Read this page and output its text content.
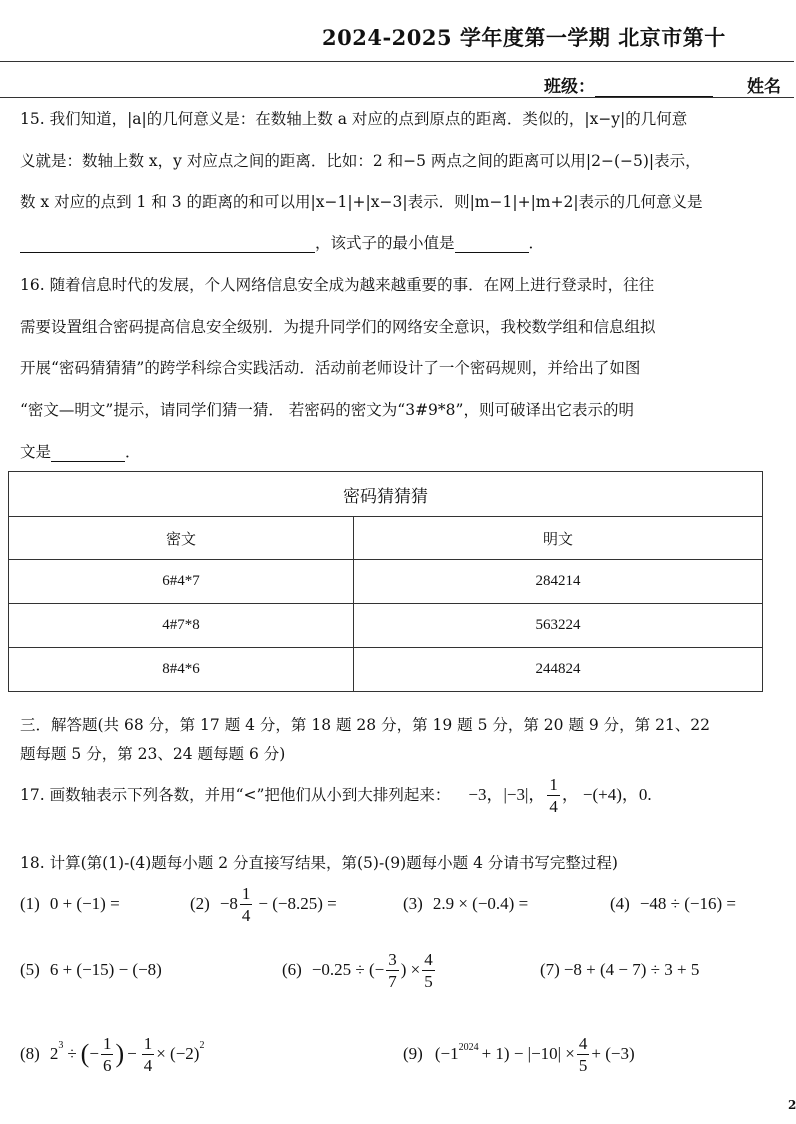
2024-2025 学年度第一学期 北京市第十
班级：	姓名
15. 我们知道，|a|的几何意义是：在数轴上数 a 对应的点到原点的距离．类似的，|x−y|的几何意
义就是：数轴上数 x，y 对应点之间的距离．比如：2 和−5 两点之间的距离可以用|2−(−5)|表示，
数 x 对应的点到 1 和 3 的距离的和可以用|x−1|+|x−3|表示．则|m−1|+|m+2|表示的几何意义是
，该式子的最小值是	．
16. 随着信息时代的发展，个人网络信息安全成为越来越重要的事．在网上进行登录时，往往
需要设置组合密码提高信息安全级别．为提升同学们的网络安全意识，我校数学组和信息组拟
开展“密码猜猜猜”的跨学科综合实践活动．活动前老师设计了一个密码规则，并给出了如图
“密文—明文”提示，请同学们猜一猜． 若密码的密文为“3#9*8”，则可破译出它表示的明
文是	．
密码猜猜猜	
密文	明文
6#4*7	284214
4#7*8	563224
8#4*6	244824
三．解答题(共 68 分，第 17 题 4 分，第 18 题 28 分，第 19 题 5 分，第 20 题 9 分，第 21、22
题每题 5 分，第 23、24 题每题 6 分)
17. 画数轴表示下列各数，并用“<”把他们从小到大排列起来： −3， |−3|， $\frac{1}{4}$ ， −(+4)，0.
18. 计算(第(1)-(4)题每小题 2 分直接写结果，第(5)-(9)题每小题 4 分请书写完整过程)
(1) 0 + (−1) =	$(2) -8 \frac{1}{4} - (-8.25)$ =	(3) 2.9 × (−0.4) =	(4) −48 ÷ (−16) =
(5) 6 + (−15) − (−8)	(6) −0.25 ÷ (− $\frac{3}{7}$ ) × $\frac{4}{5}$	(7) −8 + (4 − 7) ÷ 3 + 5
(8) $2^3$ ÷ ( − $\frac{1}{6}$ ) − $\frac{1}{4} \times (-2)^2$	(9) $(-1^{2024} + 1) - |-10| \times \frac{4}{5} + (-3)$
2
